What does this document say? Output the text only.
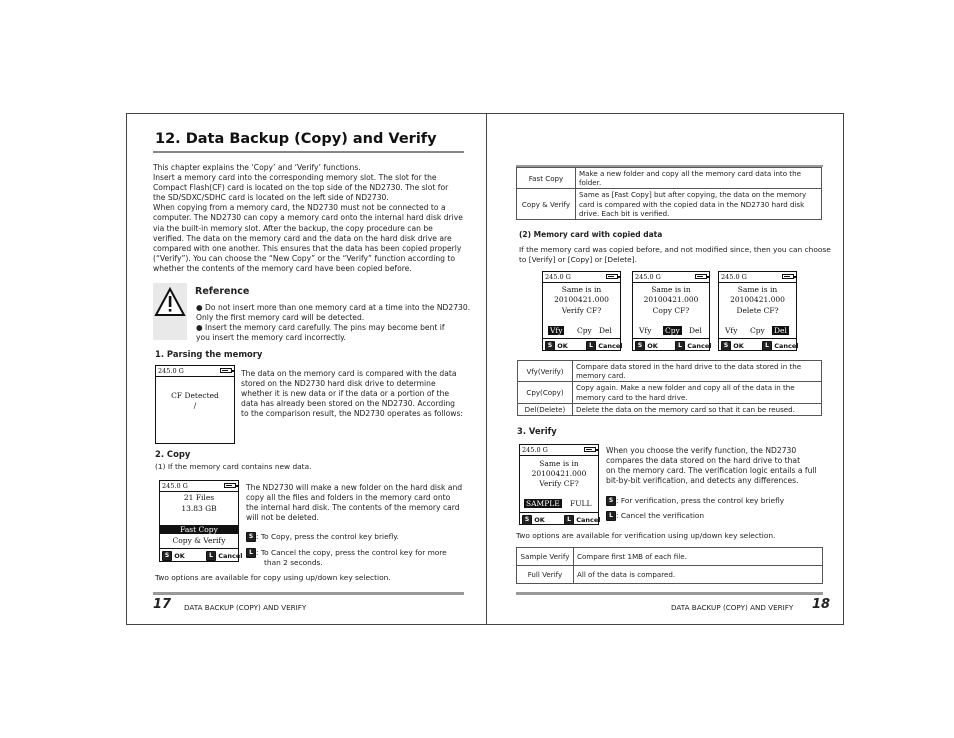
12. Data Backup (Copy) and Verify
This chapter explains the ‘Copy’ and ‘Verify’ functions.
Insert a memory card into the corresponding memory slot. The slot for the
Compact Flash(CF) card is located on the top side of the ND2730. The slot for
the SD/SDXC/SDHC card is located on the left side of ND2730.
When copying from a memory card, the ND2730 must not be connected to a
computer. The ND2730 can copy a memory card onto the internal hard disk drive
via the built-in memory slot. After the backup, the copy procedure can be
verified. The data on the memory card and the data on the hard disk drive are
compared with one another. This ensures that the data has been copied properly
(“Verify”). You can choose the “New Copy” or the “Verify” function according to
whether the contents of the memory card have been copied before.
Reference
● Do not insert more than one memory card at a time into the ND2730.
Only the first memory card will be detected.
● Insert the memory card carefully. The pins may become bent if
you insert the memory card incorrectly.
1. Parsing the memory
245.0 G
CF Detected
/
The data on the memory card is compared with the data
stored on the ND2730 hard disk drive to determine
whether it is new data or if the data or a portion of the
data has already been stored on the ND2730. According
to the comparison result, the ND2730 operates as follows:
2. Copy
(1) If the memory card contains new data.
245.0 G
21 Files
13.83 GB
Fast Copy
Copy & Verify
S OK	L Cancel
The ND2730 will make a new folder on the hard disk and
copy all the files and folders in the memory card onto
the internal hard disk. The contents of the memory card
will not be deleted.
S : To Copy, press the control key briefly.
L : To Cancel the copy, press the control key for more
than 2 seconds.
Two options are available for copy using up/down key selection.
17 DATA BACKUP (COPY) AND VERIFY
Fast Copy	Make a new folder and copy all the memory card data into the
folder.

Copy & Verify	Same as [Fast Copy] but after copying, the data on the memory
card is compared with the copied data in the ND2730 hard disk
drive. Each bit is verified.
(2) Memory card with copied data
If the memory card was copied before, and not modified since, then you can choose
to [Verify] or [Copy] or [Delete].
245.0 G
Same is in
20100421.000
Verify CF?
Vfy Cpy Del
S OK	L Cancel
245.0 G
Same is in
20100421.000
Copy CF?
Vfy Cpy Del
S OK	L Cancel
245.0 G
Same is in
20100421.000
Delete CF?
Vfy Cpy Del
S OK	L Cancel
Vfy(Verify)	Compare data stored in the hard drive to the data stored in the
memory card.

Cpy(Copy)	Copy again. Make a new folder and copy all of the data in the
memory card to the hard drive.

Del(Delete)	Delete the data on the memory card so that it can be reused.
3. Verify
245.0 G
Same is in
20100421.000
Verify CF?
SAMPLE FULL
S OK	L Cancel
When you choose the verify function, the ND2730
compares the data stored on the hard drive to that
on the memory card. The verification logic entails a full
bit-by-bit verification, and detects any differences.
S : For verification, press the control key briefly
L : Cancel the verification
Two options are available for verification using up/down key selection.
Sample Verify	Compare first 1MB of each file.
Full Verify	All of the data is compared.
DATA BACKUP (COPY) AND VERIFY 18
